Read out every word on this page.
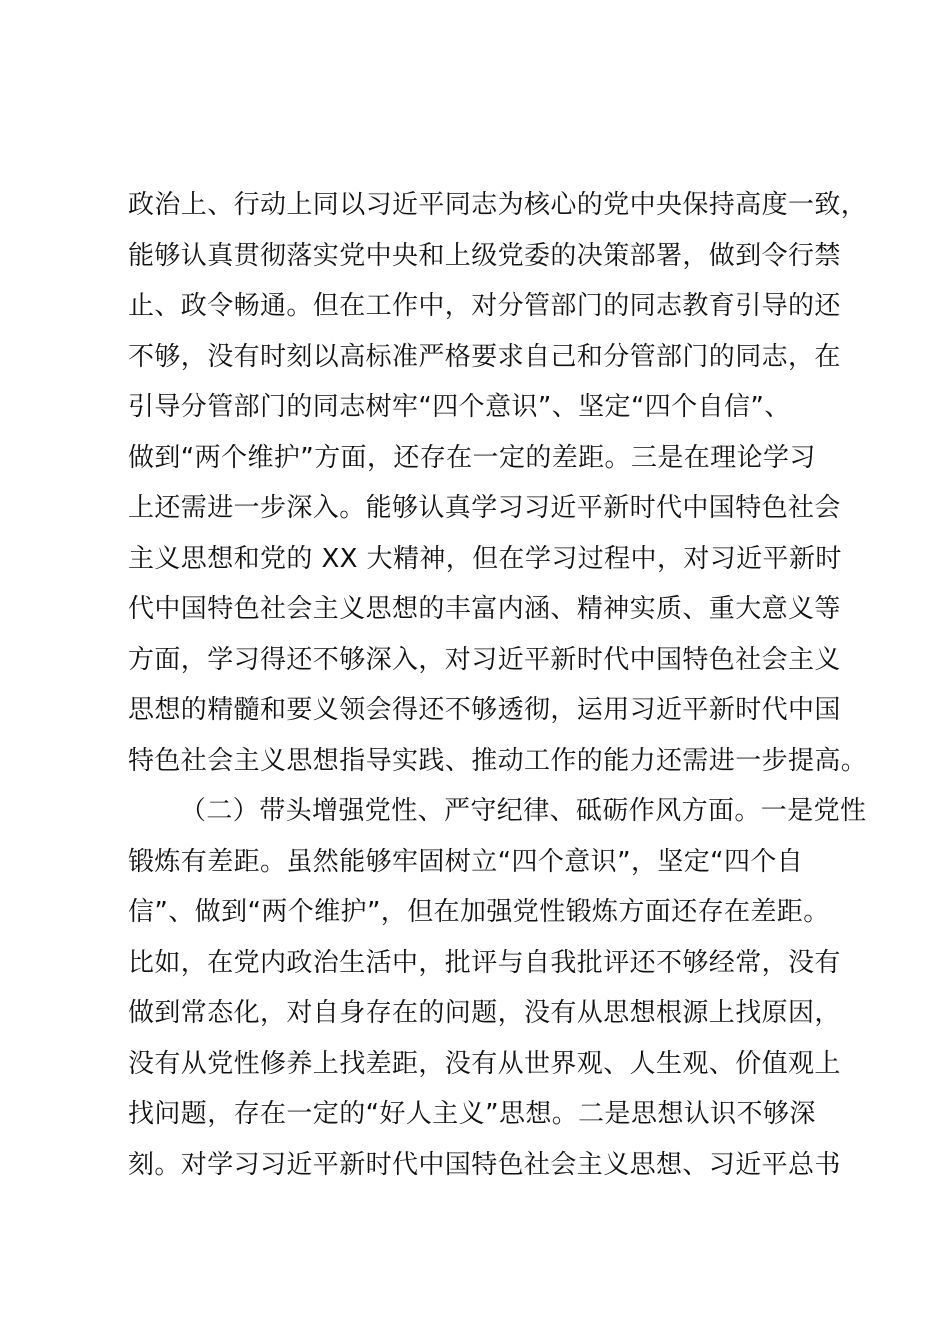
政治上、行动上同以习近平同志为核心的党中央保持高度一致，
能够认真贯彻落实党中央和上级党委的决策部署，做到令行禁
止、政令畅通。但在工作中，对分管部门的同志教育引导的还
不够，没有时刻以高标准严格要求自己和分管部门的同志，在
引导分管部门的同志树牢“四个意识”、坚定“四个自信”、
做到“两个维护”方面，还存在一定的差距。三是在理论学习
上还需进一步深入。能够认真学习习近平新时代中国特色社会
主义思想和党的 XX 大精神，但在学习过程中，对习近平新时
代中国特色社会主义思想的丰富内涵、精神实质、重大意义等
方面，学习得还不够深入，对习近平新时代中国特色社会主义
思想的精髓和要义领会得还不够透彻，运用习近平新时代中国
特色社会主义思想指导实践、推动工作的能力还需进一步提高。
（二）带头增强党性、严守纪律、砥砺作风方面。一是党性
锻炼有差距。虽然能够牢固树立“四个意识”，坚定“四个自
信”、做到“两个维护”，但在加强党性锻炼方面还存在差距。
比如，在党内政治生活中，批评与自我批评还不够经常，没有
做到常态化，对自身存在的问题，没有从思想根源上找原因，
没有从党性修养上找差距，没有从世界观、人生观、价值观上
找问题，存在一定的“好人主义”思想。二是思想认识不够深
刻。对学习习近平新时代中国特色社会主义思想、习近平总书
